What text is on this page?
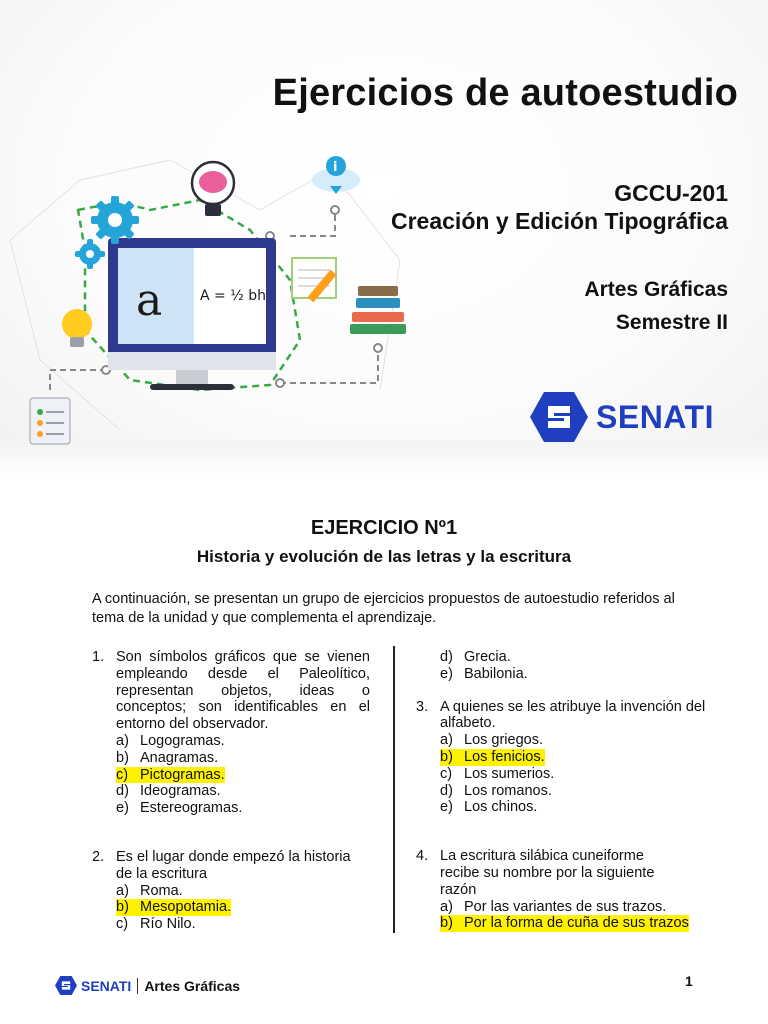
a	A = ½ bh
i
Ejercicios de autoestudio
GCCU-201
Creación y Edición Tipográfica
Artes Gráficas
Semestre II
SENATI
EJERCICIO Nº1
Historia y evolución de las letras y la escritura
A continuación, se presentan un grupo de ejercicios propuestos de autoestudio referidos al tema de la unidad y que complementa el aprendizaje.
1. Son símbolos gráficos que se vienen empleando desde el Paleolítico, representan objetos, ideas o conceptos; son identificables en el entorno del observador.
a) Logogramas.
b) Anagramas.
c) Pictogramas.
d) Ideogramas.
e) Estereogramas.
2. Es el lugar donde empezó la historia de la escritura
a) Roma.
b) Mesopotamia.
c) Río Nilo.
d) Grecia.
e) Babilonia.
3. A quienes se les atribuye la invención del alfabeto.
a) Los griegos.
b) Los fenicios.
c) Los sumerios.
d) Los romanos.
e) Los chinos.
4. La escritura silábica cuneiforme recibe su nombre por la siguiente razón
a) Por las variantes de sus trazos.
b) Por la forma de cuña de sus trazos
SENATI Artes Gráficas	1
